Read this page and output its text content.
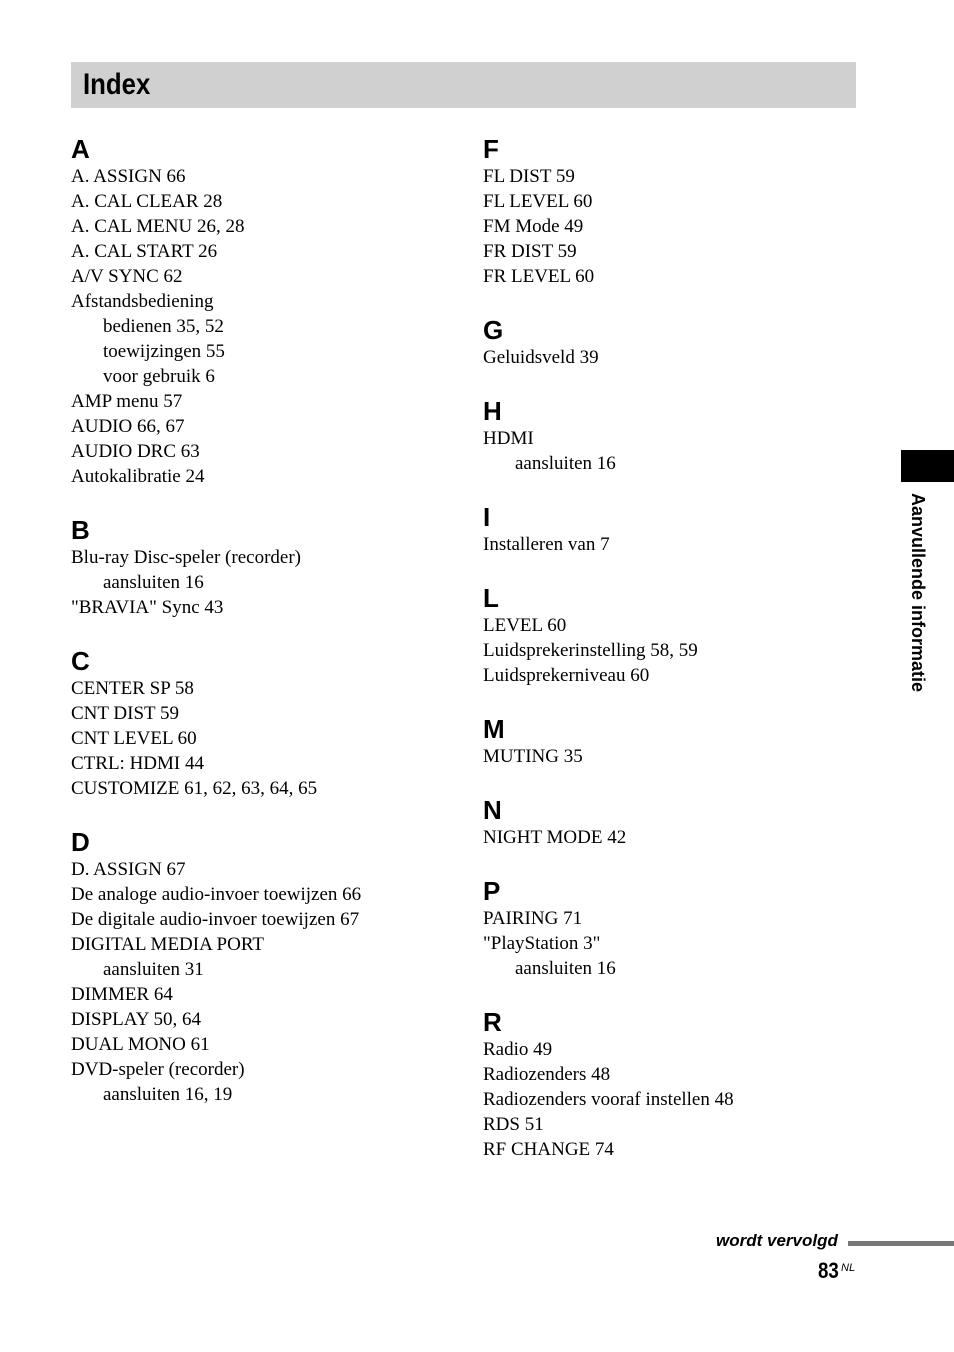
Index
A
A. ASSIGN 66
A. CAL CLEAR 28
A. CAL MENU 26, 28
A. CAL START 26
A/V SYNC 62
Afstandsbediening
bedienen 35, 52
toewijzingen 55
voor gebruik 6
AMP menu 57
AUDIO 66, 67
AUDIO DRC 63
Autokalibratie 24
B
Blu-ray Disc-speler (recorder)
aansluiten 16
"BRAVIA" Sync 43
C
CENTER SP 58
CNT DIST 59
CNT LEVEL 60
CTRL: HDMI 44
CUSTOMIZE 61, 62, 63, 64, 65
D
D. ASSIGN 67
De analoge audio-invoer toewijzen 66
De digitale audio-invoer toewijzen 67
DIGITAL MEDIA PORT
aansluiten 31
DIMMER 64
DISPLAY 50, 64
DUAL MONO 61
DVD-speler (recorder)
aansluiten 16, 19
F
FL DIST 59
FL LEVEL 60
FM Mode 49
FR DIST 59
FR LEVEL 60
G
Geluidsveld 39
H
HDMI
aansluiten 16
I
Installeren van 7
L
LEVEL 60
Luidsprekerinstelling 58, 59
Luidsprekerniveau 60
M
MUTING 35
N
NIGHT MODE 42
P
PAIRING 71
"PlayStation 3"
aansluiten 16
R
Radio 49
Radiozenders 48
Radiozenders vooraf instellen 48
RDS 51
RF CHANGE 74
Aanvullende informatie
wordt vervolgd
83 NL
